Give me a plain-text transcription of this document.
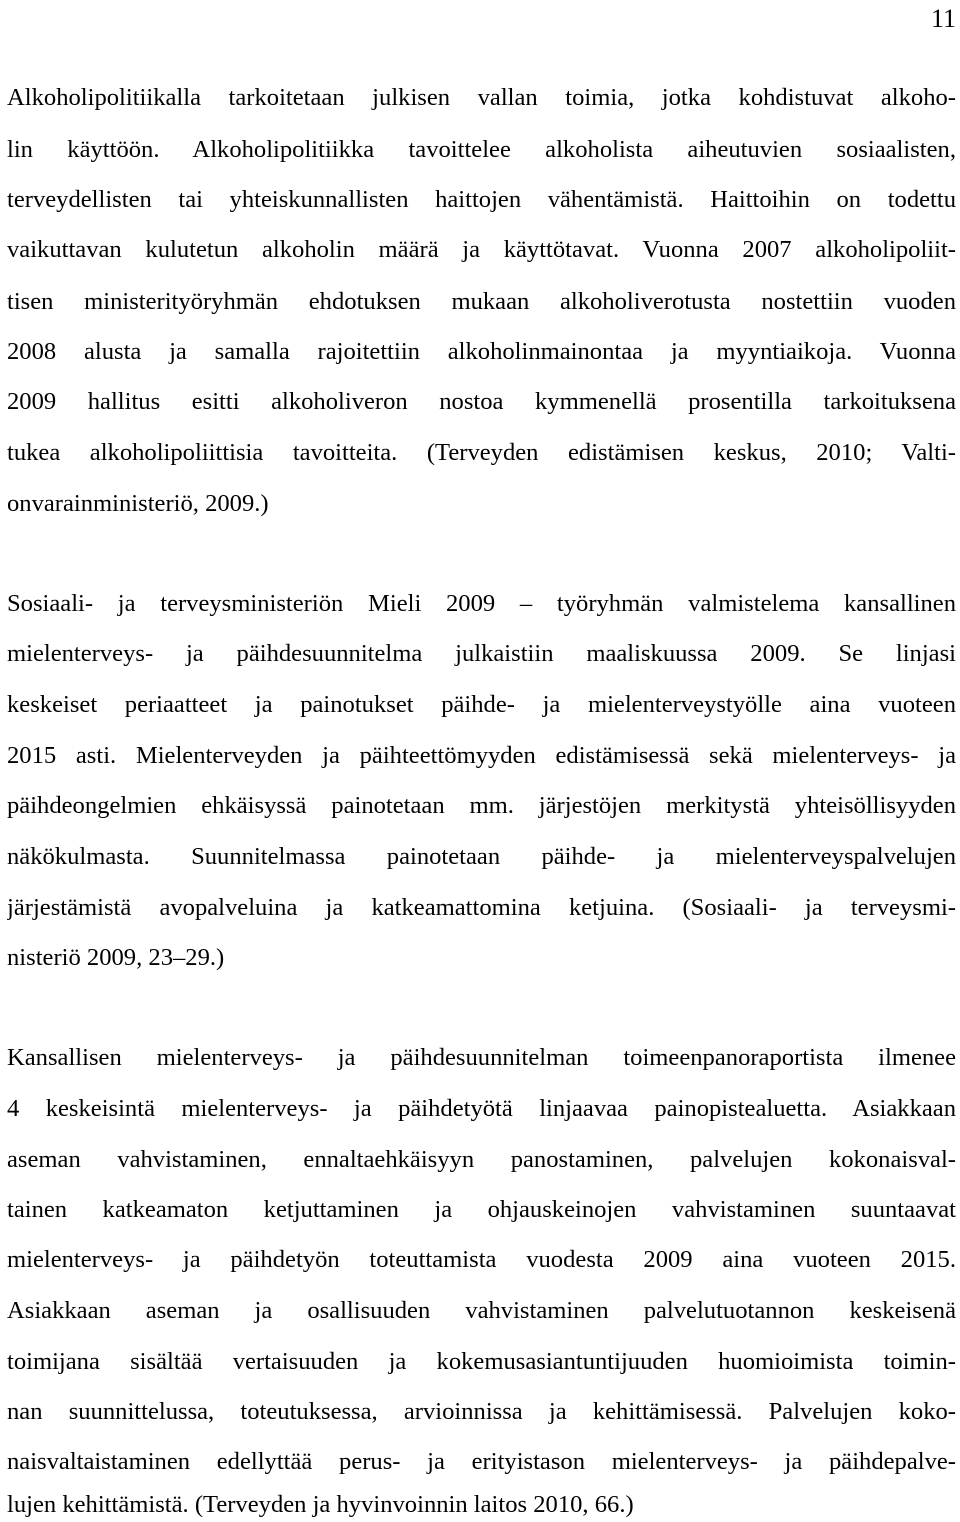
11
Alkoholipolitiikalla tarkoitetaan julkisen vallan toimia, jotka kohdistuvat alkoho-
lin käyttöön. Alkoholipolitiikka tavoittelee alkoholista aiheutuvien sosiaalisten,
terveydellisten tai yhteiskunnallisten haittojen vähentämistä. Haittoihin on todettu
vaikuttavan kulutetun alkoholin määrä ja käyttötavat. Vuonna 2007 alkoholipoliit-
tisen ministerityöryhmän ehdotuksen mukaan alkoholiverotusta nostettiin vuoden
2008 alusta ja samalla rajoitettiin alkoholinmainontaa ja myyntiaikoja. Vuonna
2009 hallitus esitti alkoholiveron nostoa kymmenellä prosentilla tarkoituksena
tukea alkoholipoliittisia tavoitteita. (Terveyden edistämisen keskus, 2010; Valti-
onvarainministeriö, 2009.)
Sosiaali- ja terveysministeriön Mieli 2009 – työryhmän valmistelema kansallinen
mielenterveys- ja päihdesuunnitelma julkaistiin maaliskuussa 2009. Se linjasi
keskeiset periaatteet ja painotukset päihde- ja mielenterveystyölle aina vuoteen
2015 asti. Mielenterveyden ja päihteettömyyden edistämisessä sekä mielenterveys- ja
päihdeongelmien ehkäisyssä painotetaan mm. järjestöjen merkitystä yhteisöllisyyden
näkökulmasta. Suunnitelmassa painotetaan päihde- ja mielenterveyspalvelujen
järjestämistä avopalveluina ja katkeamattomina ketjuina. (Sosiaali- ja terveysmi-
nisteriö 2009, 23–29.)
Kansallisen mielenterveys- ja päihdesuunnitelman toimeenpanoraportista ilmenee
4 keskeisintä mielenterveys- ja päihdetyötä linjaavaa painopistealuetta. Asiakkaan
aseman vahvistaminen, ennaltaehkäisyyn panostaminen, palvelujen kokonaisval-
tainen katkeamaton ketjuttaminen ja ohjauskeinojen vahvistaminen suuntaavat
mielenterveys- ja päihdetyön toteuttamista vuodesta 2009 aina vuoteen 2015.
Asiakkaan aseman ja osallisuuden vahvistaminen palvelutuotannon keskeisenä
toimijana sisältää vertaisuuden ja kokemusasiantuntijuuden huomioimista toimin-
nan suunnittelussa, toteutuksessa, arvioinnissa ja kehittämisessä. Palvelujen koko-
naisvaltaistaminen edellyttää perus- ja erityistason mielenterveys- ja päihdepalve-
lujen kehittämistä. (Terveyden ja hyvinvoinnin laitos 2010, 66.)
